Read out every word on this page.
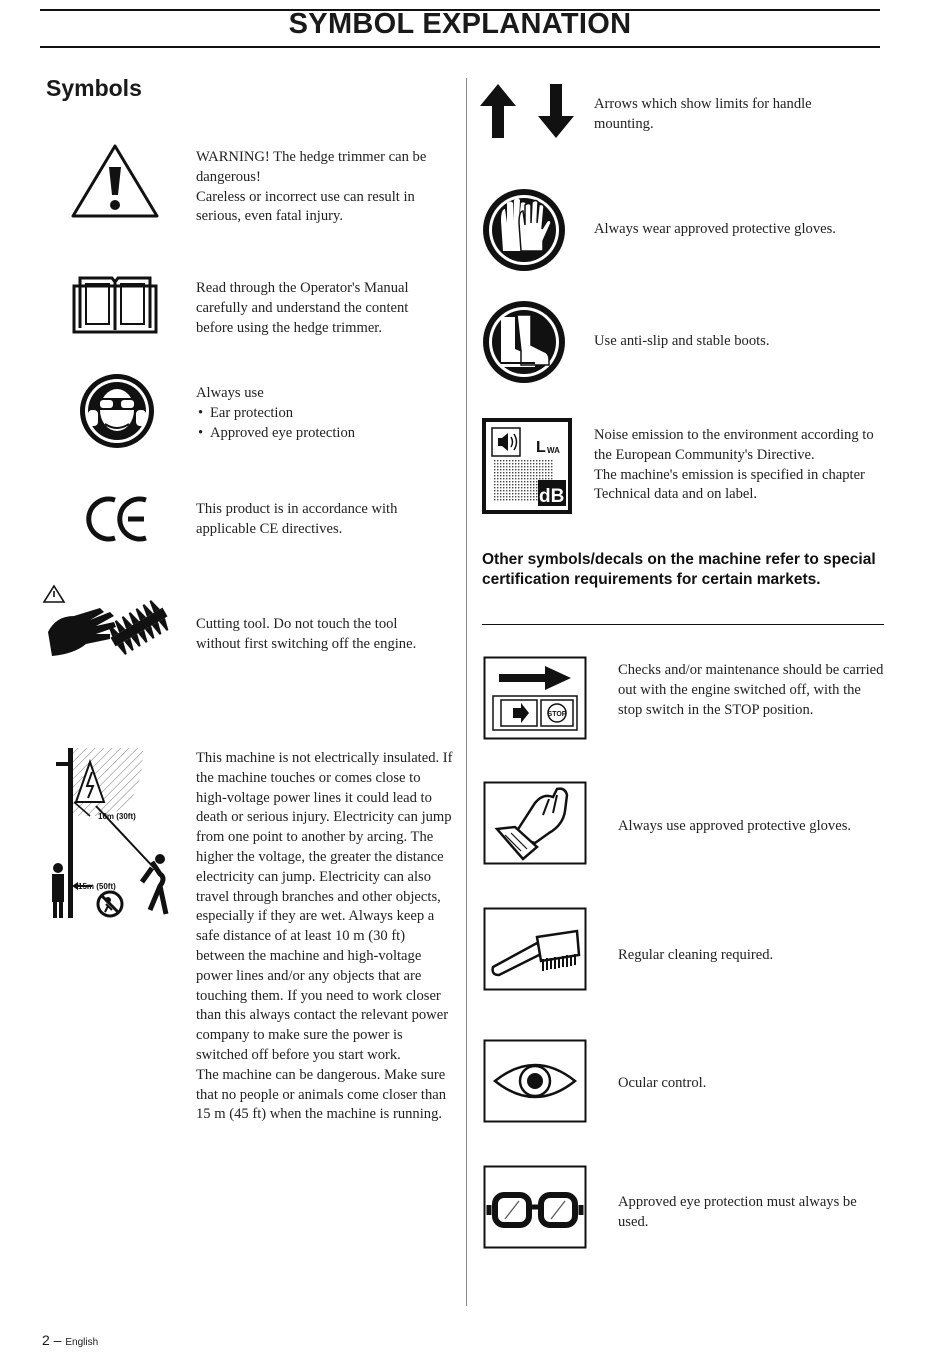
SYMBOL EXPLANATION
Symbols

WARNING! The hedge trimmer can be dangerous!

Careless or incorrect use can result in serious, even fatal injury.

Read through the Operator's Manual carefully and understand the content before using the hedge trimmer.

Always use

• Ear protection
• Approved eye protection
This product is in accordance with applicable CE directives.
Cutting tool. Do not touch the tool without first switching off the engine.
10m (30ft)
15m (50ft)

This machine is not electrically insulated. If the machine touches or comes close to high-voltage power lines it could lead to death or serious injury. Electricity can jump from one point to another by arcing. The higher the voltage, the greater the distance electricity can jump. Electricity can also travel through branches and other objects, especially if they are wet. Always keep a safe distance of at least 10 m (30 ft) between the machine and high-voltage power lines and/or any objects that are touching them. If you need to work closer than this always contact the relevant power company to make sure the power is switched off before you start work.

The machine can be dangerous. Make sure that no people or animals come closer than 15 m (45 ft) when the machine is running.

Arrows which show limits for handle mounting.
Always wear approved protective gloves.
Use anti-slip and stable boots.
L WA
dB

Noise emission to the environment according to the European Community's Directive.

The machine's emission is specified in chapter Technical data and on label.

Other symbols/decals on the machine refer to special certification requirements for certain markets.
STOP
Checks and/or maintenance should be carried out with the engine switched off, with the stop switch in the STOP position.
Always use approved protective gloves.
Regular cleaning required.
Ocular control.
Approved eye protection must always be used.
2 – English
